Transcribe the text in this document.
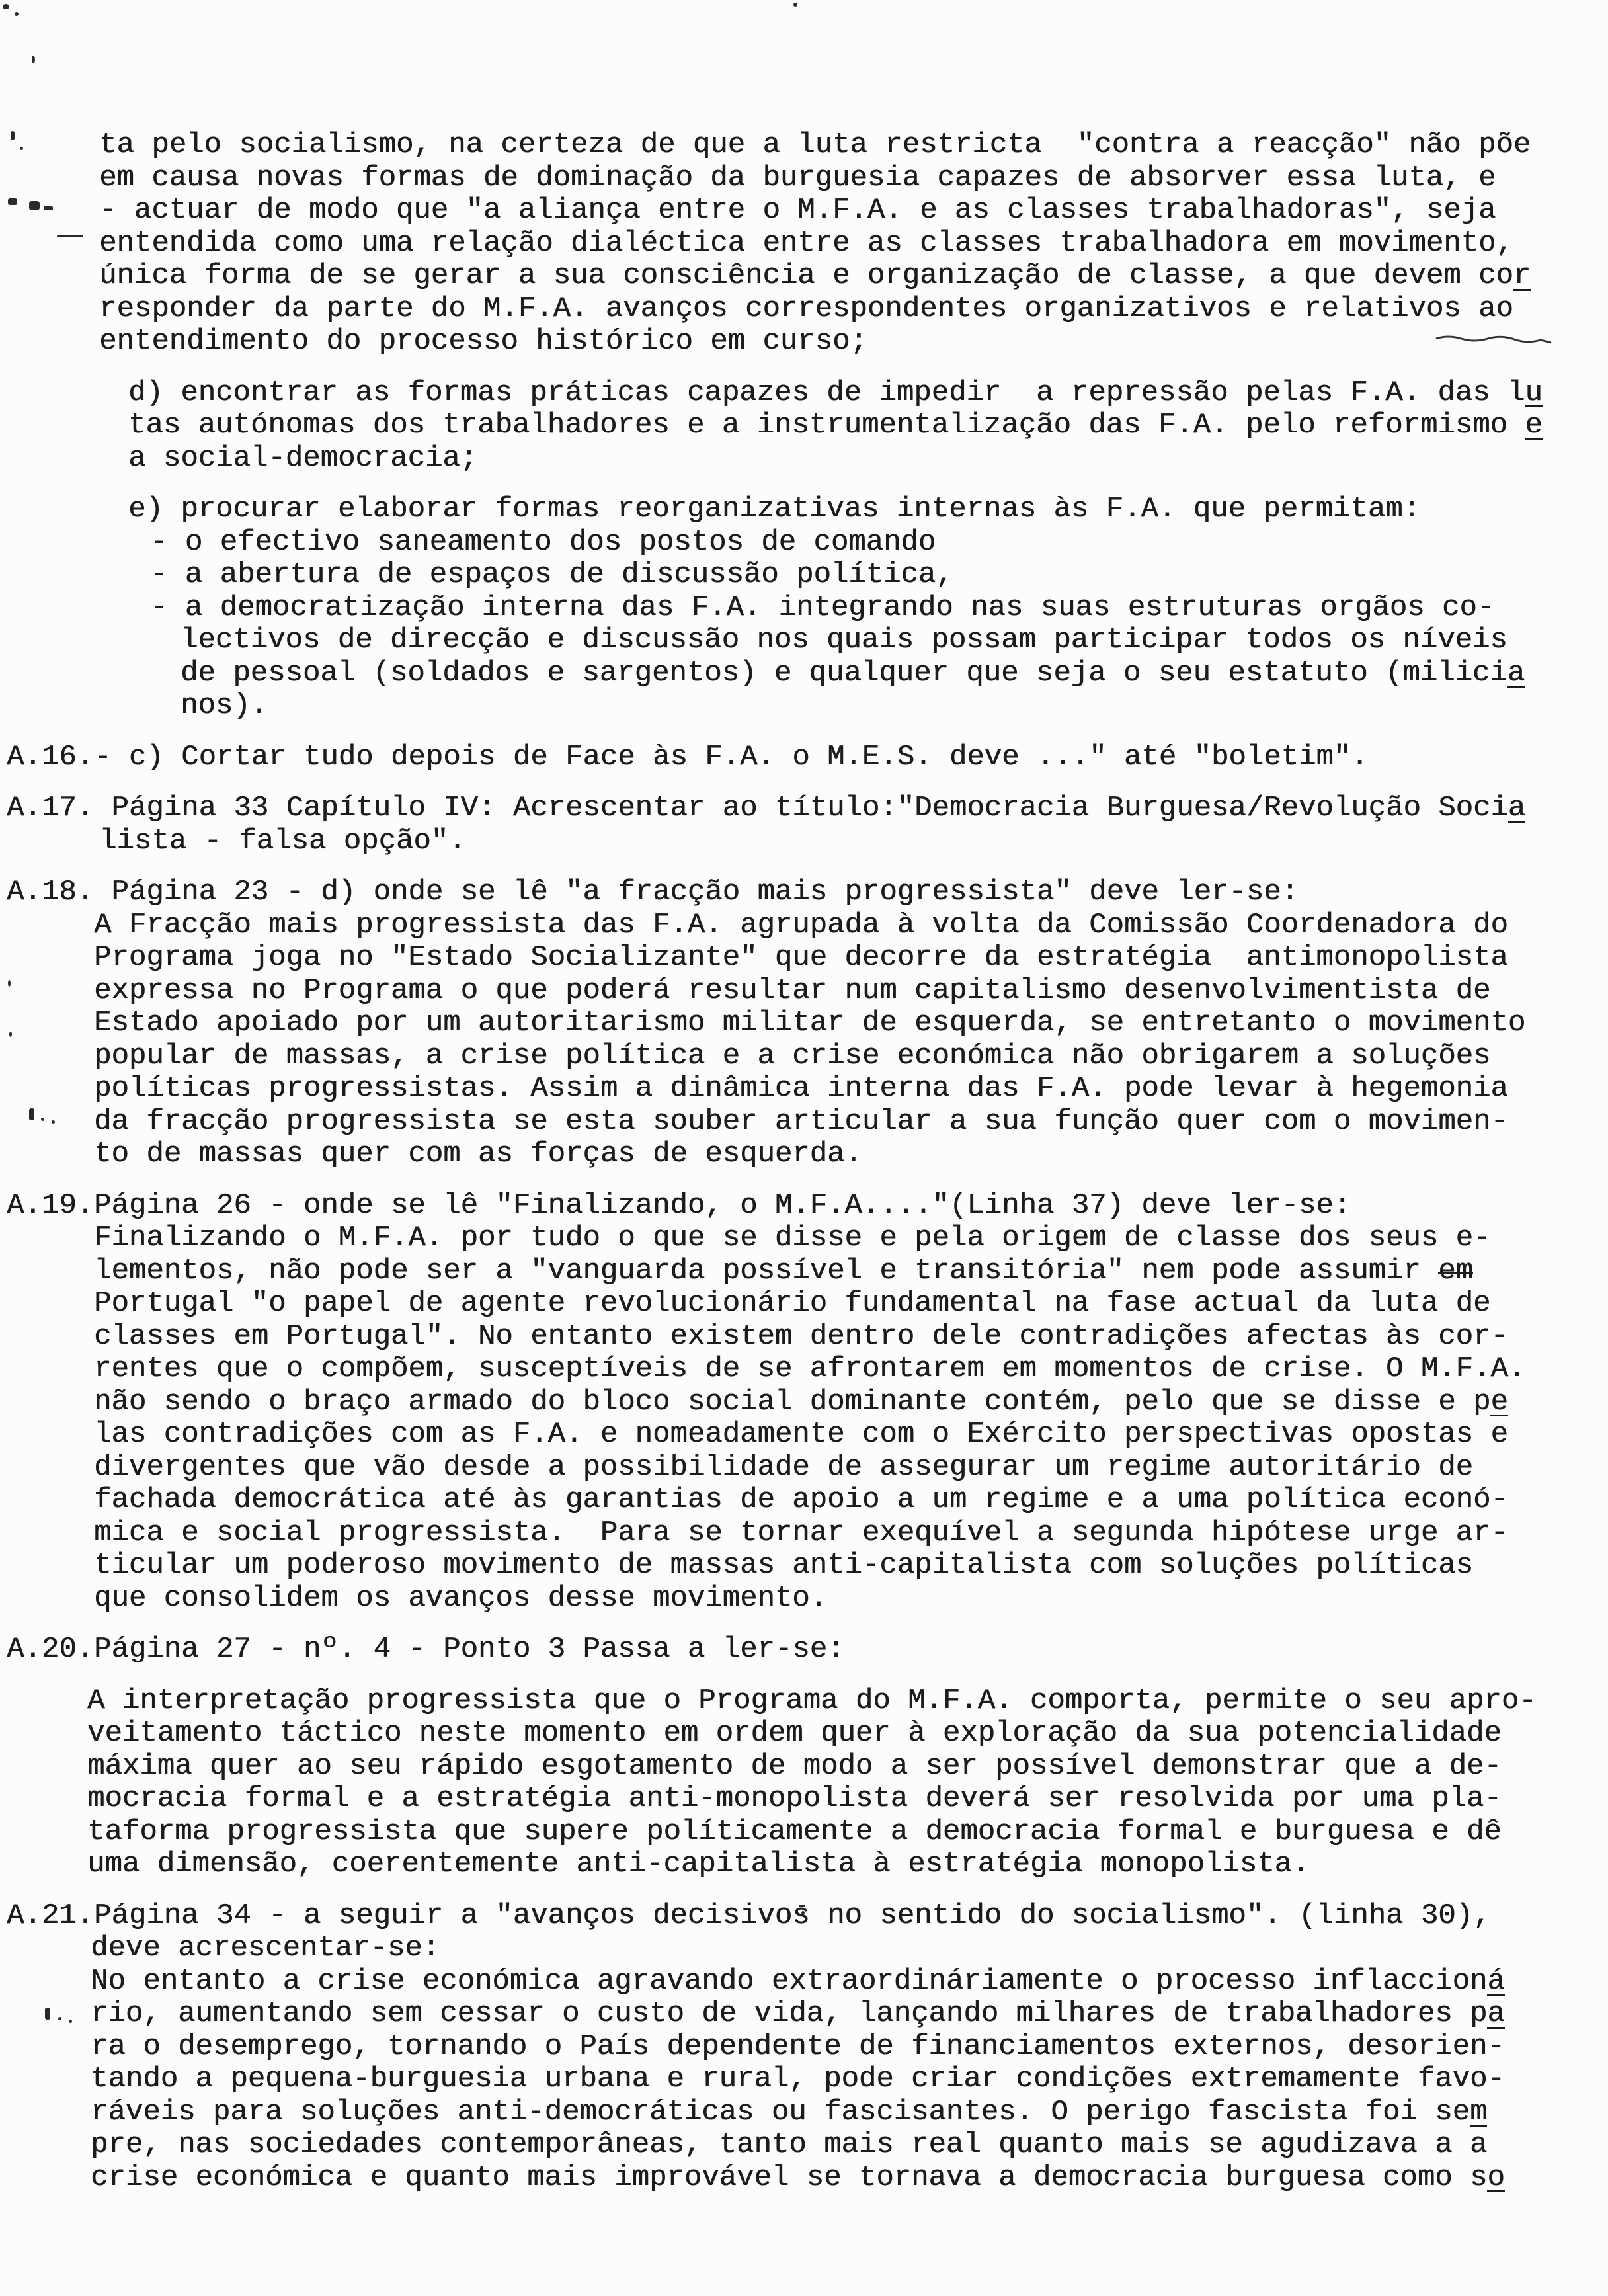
ta pelo socialismo, na certeza de que a luta restricta  "contra a reacção" não põe
em causa novas formas de dominação da burguesia capazes de absorver essa luta, e
- actuar de modo que "a aliança entre o M.F.A. e as classes trabalhadoras", seja
entendida como uma relação dialéctica entre as classes trabalhadora em movimento,
única forma de se gerar a sua consciência e organização de classe, a que devem cor
responder da parte do M.F.A. avanços correspondentes organizativos e relativos ao
entendimento do processo histórico em curso;
d) encontrar as formas práticas capazes de impedir  a repressão pelas F.A. das lu
tas autónomas dos trabalhadores e a instrumentalização das F.A. pelo reformismo e
a social-democracia;
e) procurar elaborar formas reorganizativas internas às F.A. que permitam:
- o efectivo saneamento dos postos de comando
- a abertura de espaços de discussão política,
- a democratização interna das F.A. integrando nas suas estruturas orgãos co-
lectivos de direcção e discussão nos quais possam participar todos os níveis
de pessoal (soldados e sargentos) e qualquer que seja o seu estatuto (milicia
nos).
A.16.- c) Cortar tudo depois de Face às F.A. o M.E.S. deve ..." até "boletim".
A.17. Página 33 Capítulo IV: Acrescentar ao título:"Democracia Burguesa/Revolução Socia
lista - falsa opção".
A.18. Página 23 - d) onde se lê "a fracção mais progressista" deve ler-se:
A Fracção mais progressista das F.A. agrupada à volta da Comissão Coordenadora do
Programa joga no "Estado Socializante" que decorre da estratégia  antimonopolista
expressa no Programa o que poderá resultar num capitalismo desenvolvimentista de
Estado apoiado por um autoritarismo militar de esquerda, se entretanto o movimento
popular de massas, a crise política e a crise económica não obrigarem a soluções
políticas progressistas. Assim a dinâmica interna das F.A. pode levar à hegemonia
da fracção progressista se esta souber articular a sua função quer com o movimen-
to de massas quer com as forças de esquerda.
A.19.Página 26 - onde se lê "Finalizando, o M.F.A...."(Linha 37) deve ler-se:
Finalizando o M.F.A. por tudo o que se disse e pela origem de classe dos seus e-
lementos, não pode ser a "vanguarda possível e transitória" nem pode assumir em
Portugal "o papel de agente revolucionário fundamental na fase actual da luta de
classes em Portugal". No entanto existem dentro dele contradições afectas às cor-
rentes que o compõem, susceptíveis de se afrontarem em momentos de crise. O M.F.A.
não sendo o braço armado do bloco social dominante contém, pelo que se disse e pe
las contradições com as F.A. e nomeadamente com o Exército perspectivas opostas e
divergentes que vão desde a possibilidade de assegurar um regime autoritário de
fachada democrática até às garantias de apoio a um regime e a uma política econó-
mica e social progressista.  Para se tornar exequível a segunda hipótese urge ar-
ticular um poderoso movimento de massas anti-capitalista com soluções políticas
que consolidem os avanços desse movimento.
A.20.Página 27 - nº. 4 - Ponto 3 Passa a ler-se:
A interpretação progressista que o Programa do M.F.A. comporta, permite o seu apro-
veitamento táctico neste momento em ordem quer à exploração da sua potencialidade
máxima quer ao seu rápido esgotamento de modo a ser possível demonstrar que a de-
mocracia formal e a estratégia anti-monopolista deverá ser resolvida por uma pla-
taforma progressista que supere políticamente a democracia formal e burguesa e dê
uma dimensão, coerentemente anti-capitalista à estratégia monopolista.
A.21.Página 34 - a seguir a "avanços decisivos no sentido do socialismo". (linha 30),
deve acrescentar-se:
No entanto a crise económica agravando extraordináriamente o processo inflaccioná
rio, aumentando sem cessar o custo de vida, lançando milhares de trabalhadores pa
ra o desemprego, tornando o País dependente de financiamentos externos, desorien-
tando a pequena-burguesia urbana e rural, pode criar condições extremamente favo-
ráveis para soluções anti-democráticas ou fascisantes. O perigo fascista foi sem
pre, nas sociedades contemporâneas, tanto mais real quanto mais se agudizava a a
crise económica e quanto mais improvável se tornava a democracia burguesa como so
